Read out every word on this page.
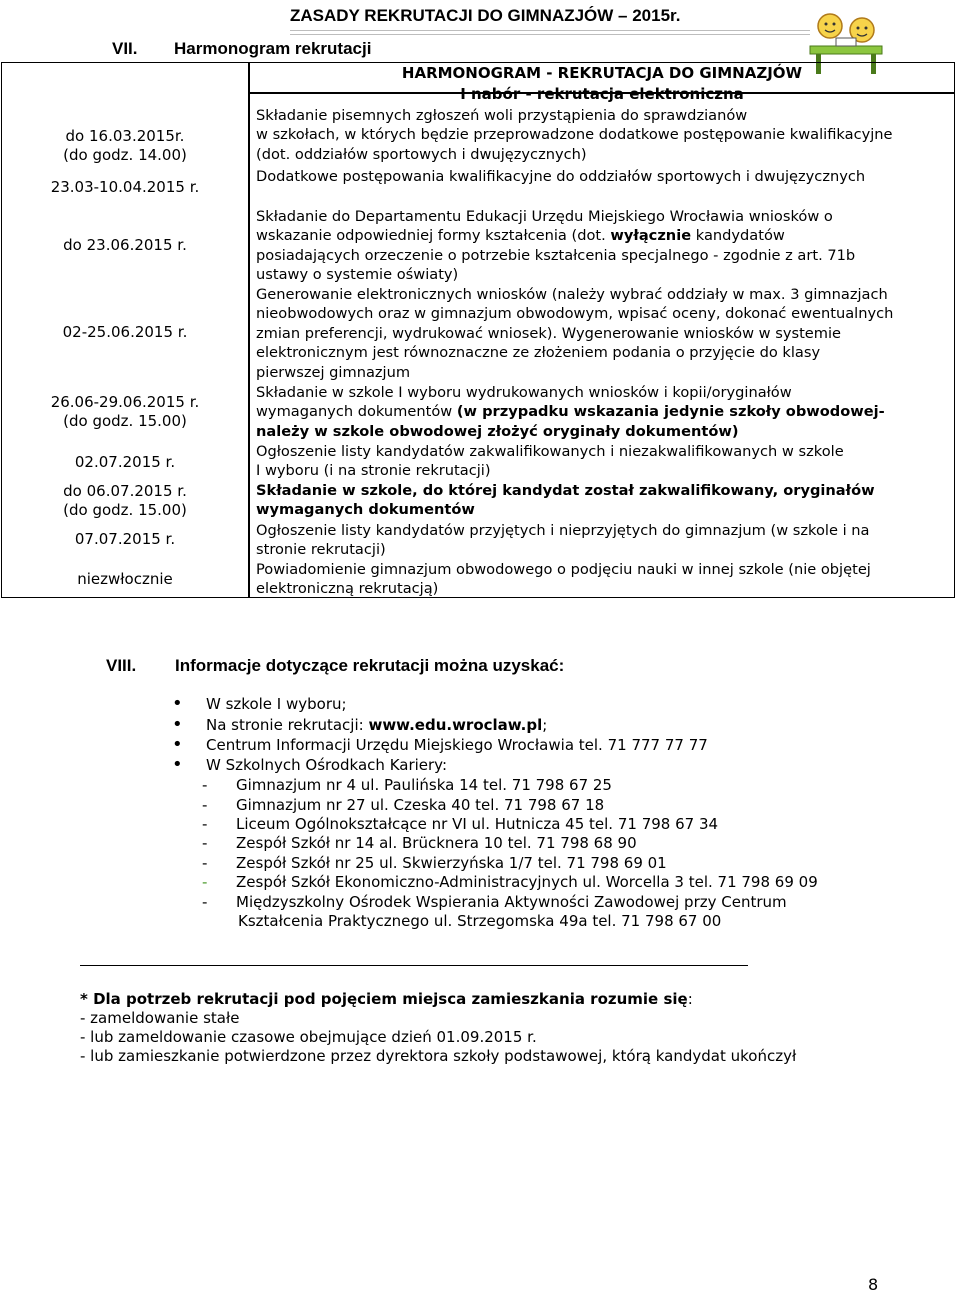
ZASADY REKRUTACJI DO GIMNAZJÓW – 2015r.
VII. Harmonogram rekrutacji
HARMONOGRAM - REKRUTACJA DO GIMNAZJÓW
I nabór - rekrutacja elektroniczna
do 16.03.2015r.
(do godz. 14.00)
Składanie pisemnych zgłoszeń woli przystąpienia do sprawdzianów
w szkołach, w których będzie przeprowadzone dodatkowe postępowanie kwalifikacyjne
(dot. oddziałów sportowych i dwujęzycznych)
23.03-10.04.2015 r.
Dodatkowe postępowania kwalifikacyjne do oddziałów sportowych i dwujęzycznych
do 23.06.2015 r.
Składanie do Departamentu Edukacji Urzędu Miejskiego Wrocławia wniosków o
wskazanie odpowiedniej formy kształcenia (dot. wyłącznie kandydatów
posiadających orzeczenie o potrzebie kształcenia specjalnego - zgodnie z art. 71b
ustawy o systemie oświaty)
02-25.06.2015 r.
Generowanie elektronicznych wniosków (należy wybrać oddziały w max. 3 gimnazjach
nieobwodowych oraz w gimnazjum obwodowym, wpisać oceny, dokonać ewentualnych
zmian preferencji, wydrukować wniosek). Wygenerowanie wniosków w systemie
elektronicznym jest równoznaczne ze złożeniem podania o przyjęcie do klasy
pierwszej gimnazjum
26.06-29.06.2015 r.
(do godz. 15.00)
Składanie w szkole I wyboru wydrukowanych wniosków i kopii/oryginałów
wymaganych dokumentów (w przypadku wskazania jedynie szkoły obwodowej-
należy w szkole obwodowej złożyć oryginały dokumentów)
02.07.2015 r.
Ogłoszenie listy kandydatów zakwalifikowanych i niezakwalifikowanych w szkole
I wyboru (i na stronie rekrutacji)
do 06.07.2015 r.
(do godz. 15.00)
Składanie w szkole, do której kandydat został zakwalifikowany, oryginałów
wymaganych dokumentów
07.07.2015 r.	Ogłoszenie listy kandydatów przyjętych i nieprzyjętych do gimnazjum (w szkole i na
stronie rekrutacji)
niezwłocznie
Powiadomienie gimnazjum obwodowego o podjęciu nauki w innej szkole (nie objętej
elektroniczną rekrutacją)
VIII. Informacje dotyczące rekrutacji można uzyskać:
• W szkole I wyboru;
• Na stronie rekrutacji: www.edu.wroclaw.pl;
• Centrum Informacji Urzędu Miejskiego Wrocławia tel. 71 777 77 77
• W Szkolnych Ośrodkach Kariery:
- Gimnazjum nr 4 ul. Paulińska 14 tel. 71 798 67 25
- Gimnazjum nr 27 ul. Czeska 40 tel. 71 798 67 18
- Liceum Ogólnokształcące nr VI ul. Hutnicza 45 tel. 71 798 67 34
- Zespół Szkół nr 14 al. Brücknera 10 tel. 71 798 68 90
- Zespół Szkół nr 25 ul. Skwierzyńska 1/7 tel. 71 798 69 01
- Zespół Szkół Ekonomiczno-Administracyjnych ul. Worcella 3 tel. 71 798 69 09
- Międzyszkolny Ośrodek Wspierania Aktywności Zawodowej przy Centrum
Kształcenia Praktycznego ul. Strzegomska 49a tel. 71 798 67 00
* Dla potrzeb rekrutacji pod pojęciem miejsca zamieszkania rozumie się:
- zameldowanie stałe
- lub zameldowanie czasowe obejmujące dzień 01.09.2015 r.
- lub zamieszkanie potwierdzone przez dyrektora szkoły podstawowej, którą kandydat ukończył
8
